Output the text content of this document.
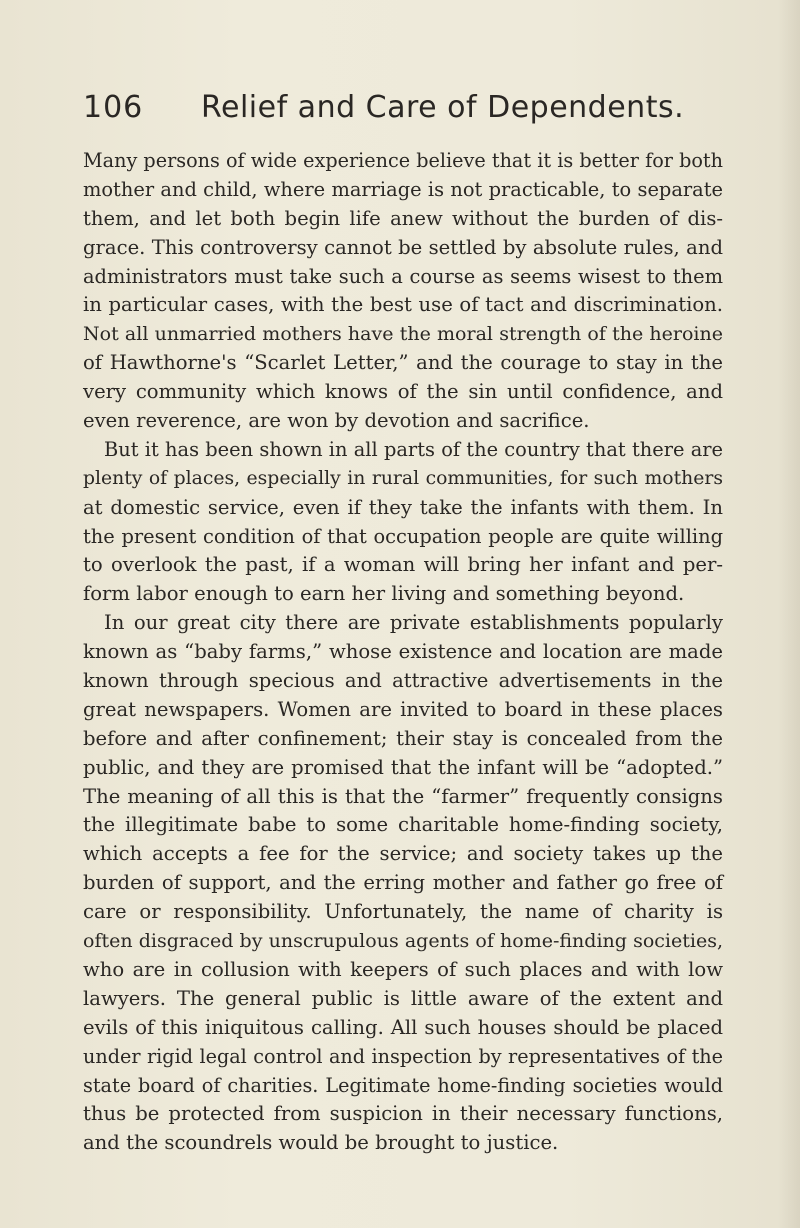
106 Relief and Care of Dependents.
Many persons of wide experience believe that it is better for both
mother and child, where marriage is not practicable, to separate
them, and let both begin life anew without the burden of dis-
grace. This controversy cannot be settled by absolute rules, and
administrators must take such a course as seems wisest to them
in particular cases, with the best use of tact and discrimination.
Not all unmarried mothers have the moral strength of the heroine
of Hawthorne's “Scarlet Letter,” and the courage to stay in the
very community which knows of the sin until confidence, and
even reverence, are won by devotion and sacrifice.
But it has been shown in all parts of the country that there are
plenty of places, especially in rural communities, for such mothers
at domestic service, even if they take the infants with them. In
the present condition of that occupation people are quite willing
to overlook the past, if a woman will bring her infant and per-
form labor enough to earn her living and something beyond.
In our great city there are private establishments popularly
known as “baby farms,” whose existence and location are made
known through specious and attractive advertisements in the
great newspapers. Women are invited to board in these places
before and after confinement; their stay is concealed from the
public, and they are promised that the infant will be “adopted.”
The meaning of all this is that the “farmer” frequently consigns
the illegitimate babe to some charitable home-finding society,
which accepts a fee for the service; and society takes up the
burden of support, and the erring mother and father go free of
care or responsibility. Unfortunately, the name of charity is
often disgraced by unscrupulous agents of home-finding societies,
who are in collusion with keepers of such places and with low
lawyers. The general public is little aware of the extent and
evils of this iniquitous calling. All such houses should be placed
under rigid legal control and inspection by representatives of the
state board of charities. Legitimate home-finding societies would
thus be protected from suspicion in their necessary functions,
and the scoundrels would be brought to justice.
